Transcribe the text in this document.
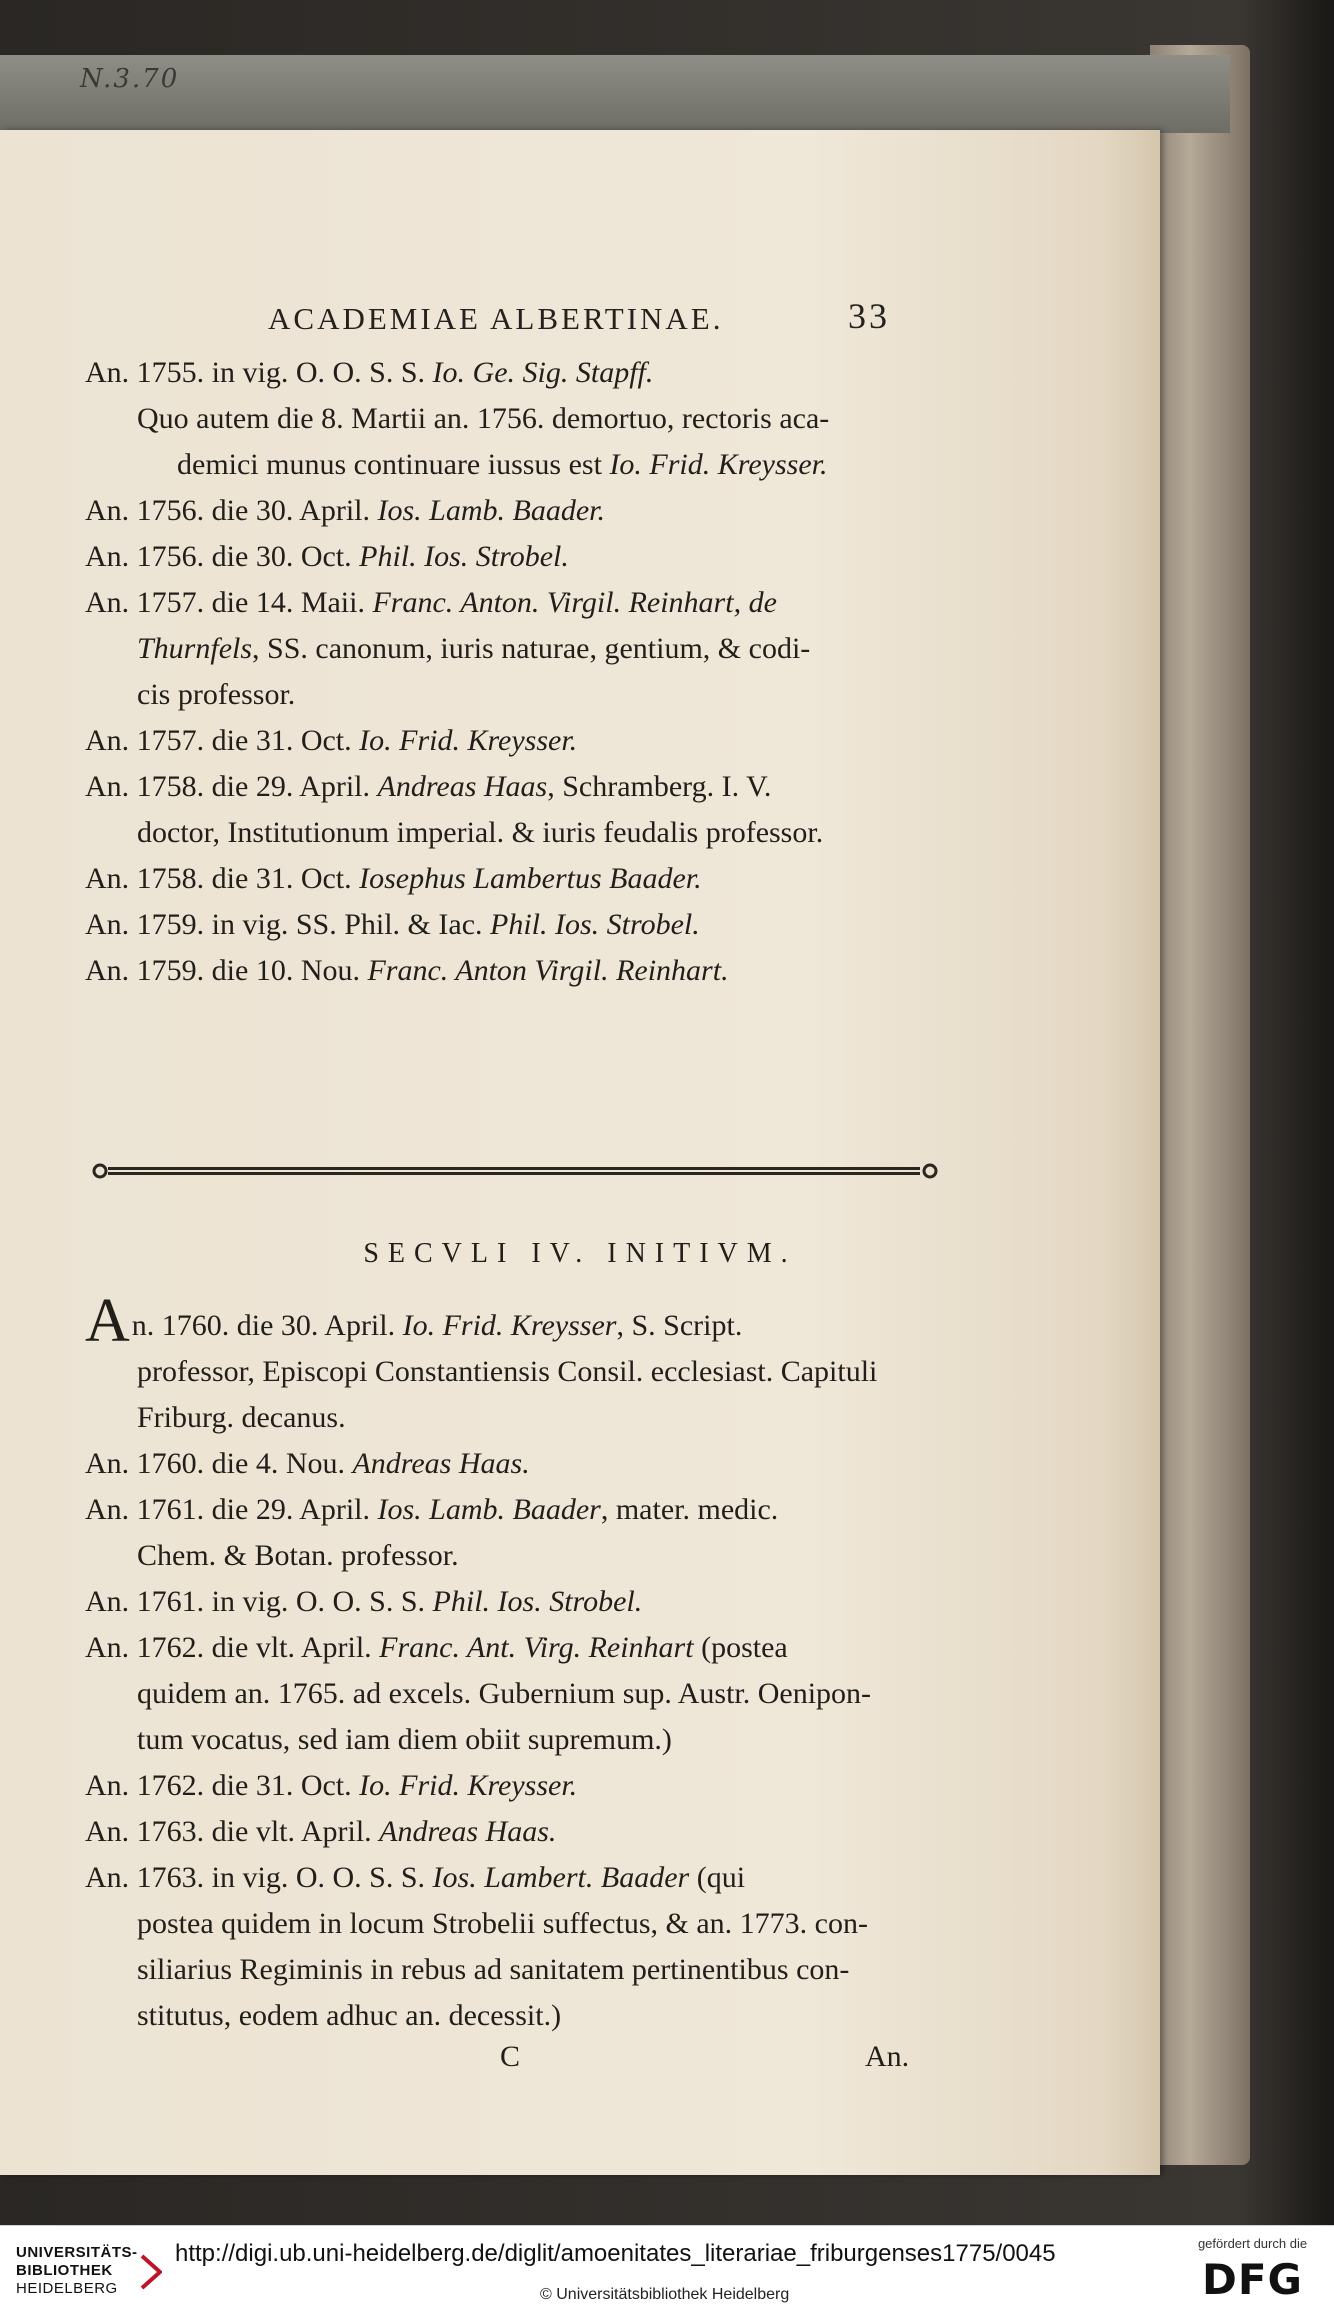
N.3.70
ACADEMIAE ALBERTINAE.	33
An. 1755. in vig. O. O. S. S. Io. Ge. Sig. Stapff.
Quo autem die 8. Martii an. 1756. demortuo, rectoris aca-
demici munus continuare iussus est Io. Frid. Kreysser.
An. 1756. die 30. April. Ios. Lamb. Baader.
An. 1756. die 30. Oct. Phil. Ios. Strobel.
An. 1757. die 14. Maii. Franc. Anton. Virgil. Reinhart, de
Thurnfels, SS. canonum, iuris naturae, gentium, & codi-
cis professor.
An. 1757. die 31. Oct. Io. Frid. Kreysser.
An. 1758. die 29. April. Andreas Haas, Schramberg. I. V.
doctor, Institutionum imperial. & iuris feudalis professor.
An. 1758. die 31. Oct. Iosephus Lambertus Baader.
An. 1759. in vig. SS. Phil. & Iac. Phil. Ios. Strobel.
An. 1759. die 10. Nou. Franc. Anton Virgil. Reinhart.
SECVLI IV. INITIVM.
An. 1760. die 30. April. Io. Frid. Kreysser, S. Script.
professor, Episcopi Constantiensis Consil. ecclesiast. Capituli
Friburg. decanus.
An. 1760. die 4. Nou. Andreas Haas.
An. 1761. die 29. April. Ios. Lamb. Baader, mater. medic.
Chem. & Botan. professor.
An. 1761. in vig. O. O. S. S. Phil. Ios. Strobel.
An. 1762. die vlt. April. Franc. Ant. Virg. Reinhart (postea
quidem an. 1765. ad excels. Gubernium sup. Austr. Oenipon-
tum vocatus, sed iam diem obiit supremum.)
An. 1762. die 31. Oct. Io. Frid. Kreysser.
An. 1763. die vlt. April. Andreas Haas.
An. 1763. in vig. O. O. S. S. Ios. Lambert. Baader (qui
postea quidem in locum Strobelii suffectus, & an. 1773. con-
siliarius Regiminis in rebus ad sanitatem pertinentibus con-
stitutus, eodem adhuc an. decessit.)
C	An.
UNIVERSITÄTS-
BIBLIOTHEK
HEIDELBERG
http://digi.ub.uni-heidelberg.de/diglit/amoenitates_literariae_friburgenses1775/0045
© Universitätsbibliothek Heidelberg
gefördert durch die
DFG
